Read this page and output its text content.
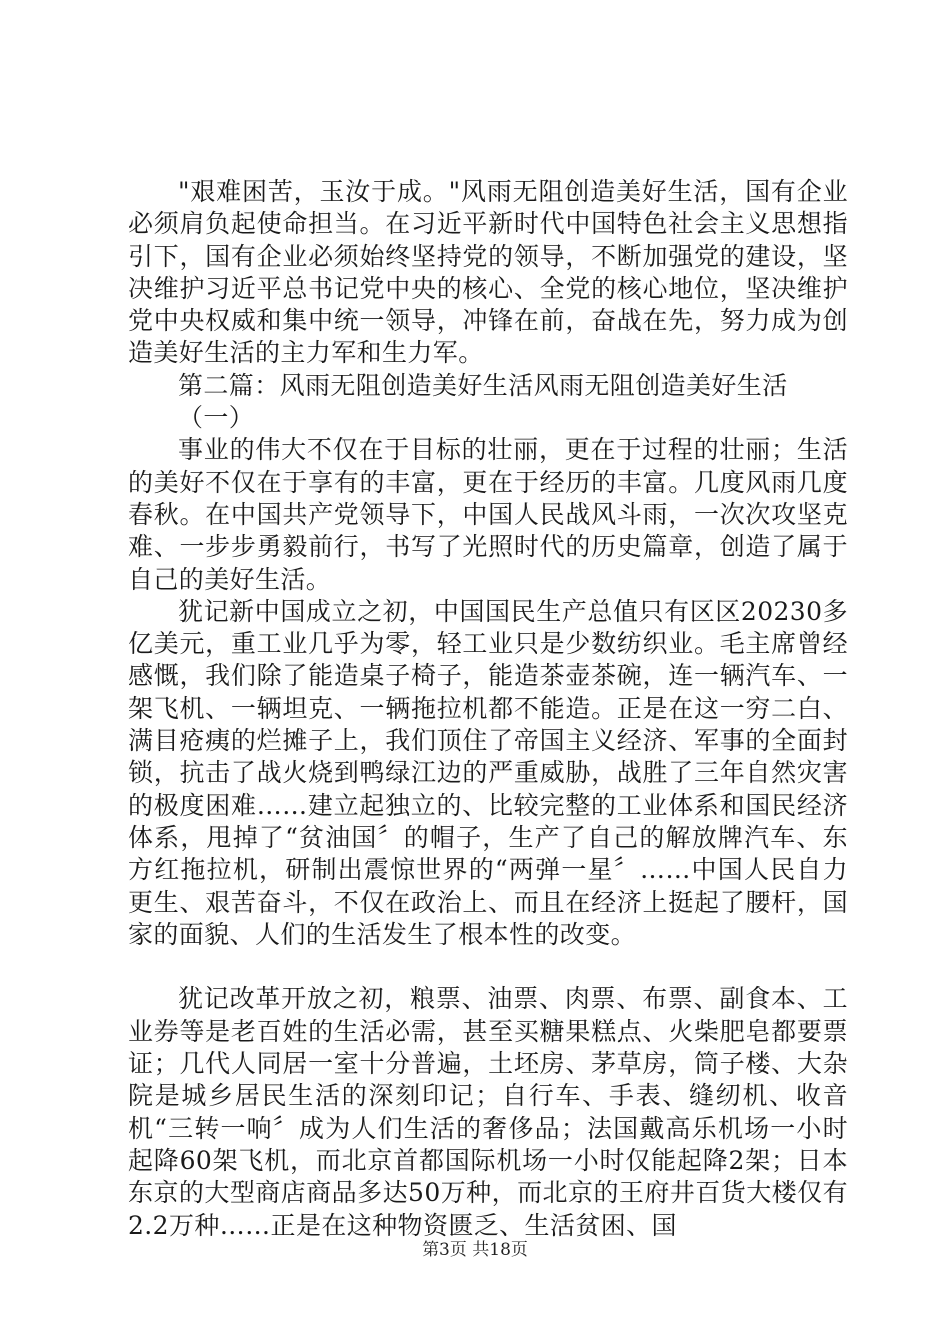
"艰难困苦，玉汝于成。"风雨无阻创造美好生活，国有企业必须肩负起使命担当。在习近平新时代中国特色社会主义思想指引下，国有企业必须始终坚持党的领导，不断加强党的建设，坚决维护习近平总书记党中央的核心、全党的核心地位，坚决维护党中央权威和集中统一领导，冲锋在前，奋战在先，努力成为创造美好生活的主力军和生力军。

第二篇：风雨无阻创造美好生活风雨无阻创造美好生活

（一）

事业的伟大不仅在于目标的壮丽，更在于过程的壮丽；生活的美好不仅在于享有的丰富，更在于经历的丰富。几度风雨几度春秋。在中国共产党领导下，中国人民战风斗雨，一次次攻坚克难、一步步勇毅前行，书写了光照时代的历史篇章，创造了属于自己的美好生活。

犹记新中国成立之初，中国国民生产总值只有区区20230多亿美元，重工业几乎为零，轻工业只是少数纺织业。毛主席曾经感慨，我们除了能造桌子椅子，能造茶壶茶碗，连一辆汽车、一架飞机、一辆坦克、一辆拖拉机都不能造。正是在这一穷二白、满目疮痍的烂摊子上，我们顶住了帝国主义经济、军事的全面封锁，抗击了战火烧到鸭绿江边的严重威胁，战胜了三年自然灾害的极度困难……建立起独立的、比较完整的工业体系和国民经济体系，甩掉了“贫油国〞的帽子，生产了自己的解放牌汽车、东方红拖拉机，研制出震惊世界的“两弹一星〞……中国人民自力更生、艰苦奋斗，不仅在政治上、而且在经济上挺起了腰杆，国家的面貌、人们的生活发生了根本性的改变。

犹记改革开放之初，粮票、油票、肉票、布票、副食本、工业券等是老百姓的生活必需，甚至买糖果糕点、火柴肥皂都要票证；几代人同居一室十分普遍，土坯房、茅草房，筒子楼、大杂院是城乡居民生活的深刻印记；自行车、手表、缝纫机、收音机“三转一响〞成为人们生活的奢侈品；法国戴高乐机场一小时起降60架飞机，而北京首都国际机场一小时仅能起降2架；日本东京的大型商店商品多达50万种，而北京的王府井百货大楼仅有2.2万种……正是在这种物资匮乏、生活贫困、国

第3页 共18页
